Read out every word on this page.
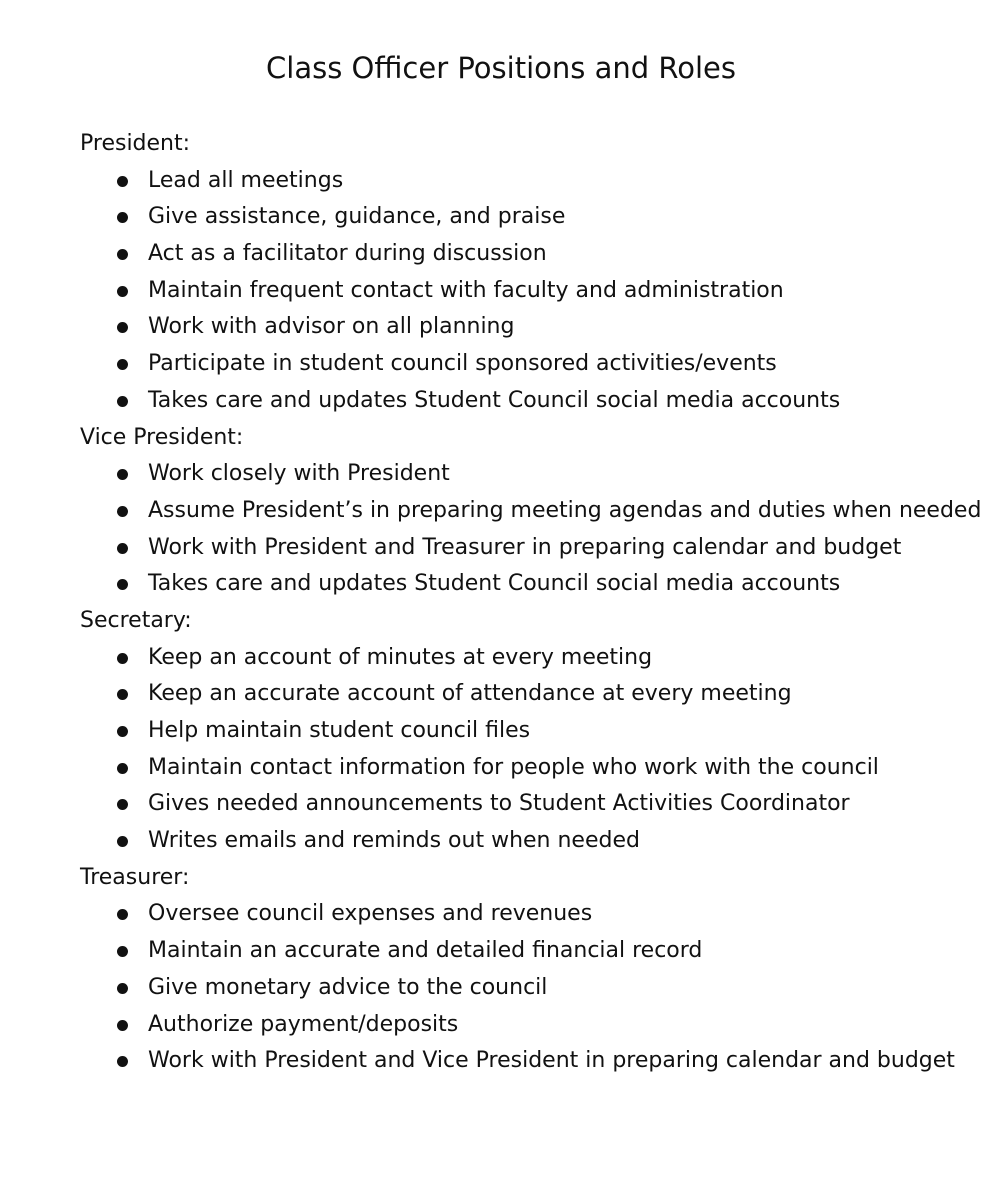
Class Officer Positions and Roles
President:
Lead all meetings
Give assistance, guidance, and praise
Act as a facilitator during discussion
Maintain frequent contact with faculty and administration
Work with advisor on all planning
Participate in student council sponsored activities/events
Takes care and updates Student Council social media accounts
Vice President:
Work closely with President
Assume President’s in preparing meeting agendas and duties when needed
Work with President and Treasurer in preparing calendar and budget
Takes care and updates Student Council social media accounts
Secretary:
Keep an account of minutes at every meeting
Keep an accurate account of attendance at every meeting
Help maintain student council files
Maintain contact information for people who work with the council
Gives needed announcements to Student Activities Coordinator
Writes emails and reminds out when needed
Treasurer:
Oversee council expenses and revenues
Maintain an accurate and detailed financial record
Give monetary advice to the council
Authorize payment/deposits
Work with President and Vice President in preparing calendar and budget
